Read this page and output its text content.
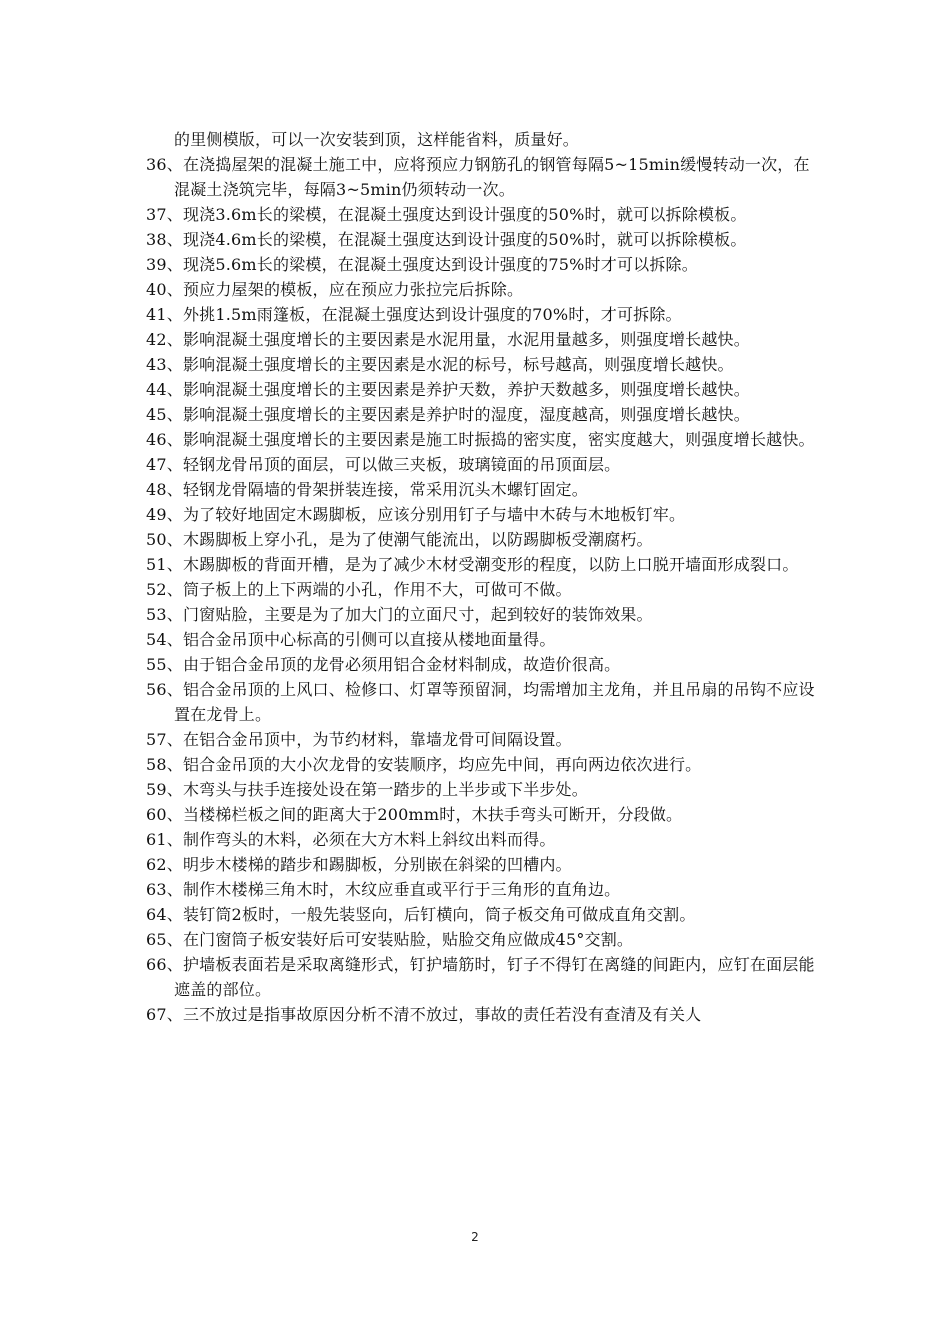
的里侧模版，可以一次安装到顶，这样能省料，质量好。
36、在浇捣屋架的混凝土施工中，应将预应力钢筋孔的钢管每隔5~15min缓慢转动一次，在混凝土浇筑完毕，每隔3~5min仍须转动一次。
37、现浇3.6m长的梁模，在混凝土强度达到设计强度的50%时，就可以拆除模板。
38、现浇4.6m长的梁模，在混凝土强度达到设计强度的50%时，就可以拆除模板。
39、现浇5.6m长的梁模，在混凝土强度达到设计强度的75%时才可以拆除。
40、预应力屋架的模板，应在预应力张拉完后拆除。
41、外挑1.5m雨篷板，在混凝土强度达到设计强度的70%时，才可拆除。
42、影响混凝土强度增长的主要因素是水泥用量，水泥用量越多，则强度增长越快。
43、影响混凝土强度增长的主要因素是水泥的标号，标号越高，则强度增长越快。
44、影响混凝土强度增长的主要因素是养护天数，养护天数越多，则强度增长越快。
45、影响混凝土强度增长的主要因素是养护时的湿度，湿度越高，则强度增长越快。
46、影响混凝土强度增长的主要因素是施工时振捣的密实度，密实度越大，则强度增长越快。
47、轻钢龙骨吊顶的面层，可以做三夹板，玻璃镜面的吊顶面层。
48、轻钢龙骨隔墙的骨架拼装连接，常采用沉头木螺钉固定。
49、为了较好地固定木踢脚板，应该分别用钉子与墙中木砖与木地板钉牢。
50、木踢脚板上穿小孔，是为了使潮气能流出，以防踢脚板受潮腐朽。
51、木踢脚板的背面开槽，是为了减少木材受潮变形的程度，以防上口脱开墙面形成裂口。
52、筒子板上的上下两端的小孔，作用不大，可做可不做。
53、门窗贴脸，主要是为了加大门的立面尺寸，起到较好的装饰效果。
54、铝合金吊顶中心标高的引侧可以直接从楼地面量得。
55、由于铝合金吊顶的龙骨必须用铝合金材料制成，故造价很高。
56、铝合金吊顶的上风口、检修口、灯罩等预留洞，均需增加主龙角，并且吊扇的吊钩不应设置在龙骨上。
57、在铝合金吊顶中，为节约材料，靠墙龙骨可间隔设置。
58、铝合金吊顶的大小次龙骨的安装顺序，均应先中间，再向两边依次进行。
59、木弯头与扶手连接处设在第一踏步的上半步或下半步处。
60、当楼梯栏板之间的距离大于200mm时，木扶手弯头可断开，分段做。
61、制作弯头的木料，必须在大方木料上斜纹出料而得。
62、明步木楼梯的踏步和踢脚板，分别嵌在斜梁的凹槽内。
63、制作木楼梯三角木时，木纹应垂直或平行于三角形的直角边。
64、装钉筒2板时，一般先装竖向，后钉横向，筒子板交角可做成直角交割。
65、在门窗筒子板安装好后可安装贴脸，贴脸交角应做成45°交割。
66、护墙板表面若是采取离缝形式，钉护墙筋时，钉子不得钉在离缝的间距内，应钉在面层能遮盖的部位。
67、三不放过是指事故原因分析不清不放过，事故的责任若没有查清及有关人
2
